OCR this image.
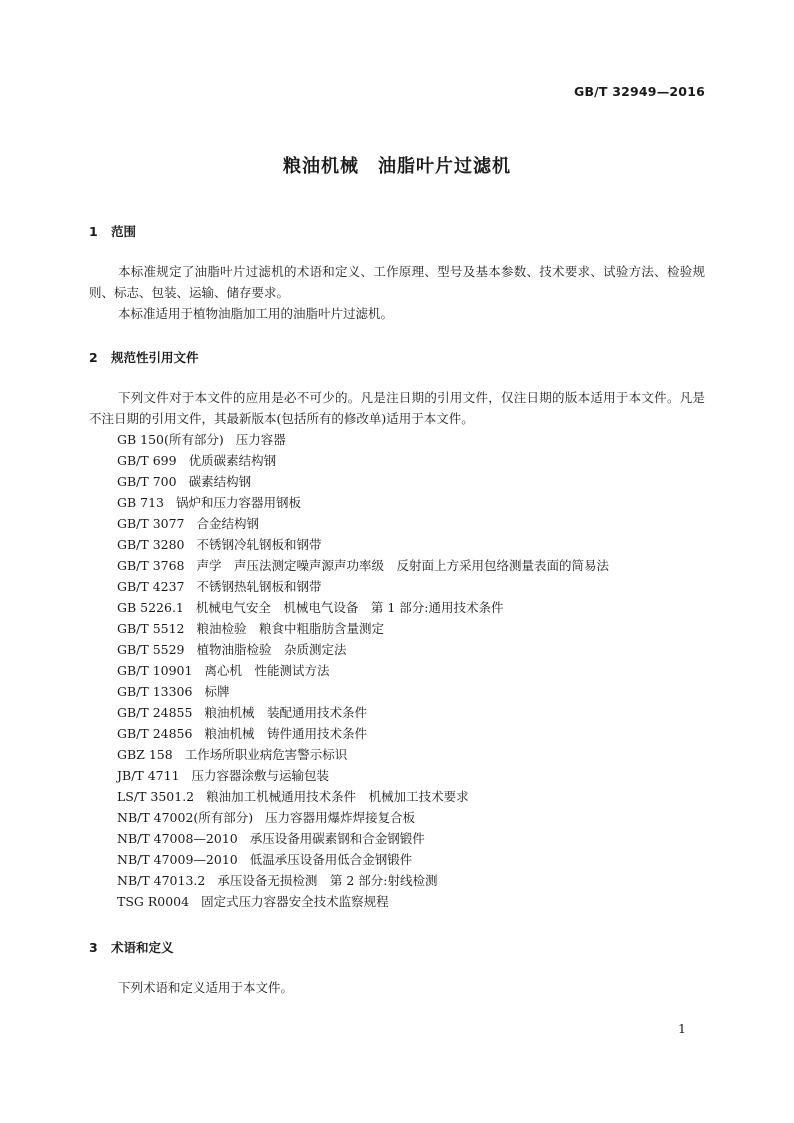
GB/T 32949—2016
粮油机械　油脂叶片过滤机
1 范围

本标准规定了油脂叶片过滤机的术语和定义、工作原理、型号及基本参数、技术要求、试验方法、检验规则、标志、包装、运输、储存要求。

本标准适用于植物油脂加工用的油脂叶片过滤机。

2 规范性引用文件

下列文件对于本文件的应用是必不可少的。凡是注日期的引用文件，仅注日期的版本适用于本文件。凡是不注日期的引用文件，其最新版本(包括所有的修改单)适用于本文件。

GB 150(所有部分) 压力容器
GB/T 699 优质碳素结构钢
GB/T 700 碳素结构钢
GB 713 锅炉和压力容器用钢板
GB/T 3077 合金结构钢
GB/T 3280 不锈钢冷轧钢板和钢带
GB/T 3768 声学　声压法测定噪声源声功率级　反射面上方采用包络测量表面的简易法
GB/T 4237 不锈钢热轧钢板和钢带
GB 5226.1 机械电气安全　机械电气设备　第 1 部分:通用技术条件
GB/T 5512 粮油检验　粮食中粗脂肪含量测定
GB/T 5529 植物油脂检验　杂质测定法
GB/T 10901 离心机　性能测试方法
GB/T 13306 标牌
GB/T 24855 粮油机械　装配通用技术条件
GB/T 24856 粮油机械　铸件通用技术条件
GBZ 158 工作场所职业病危害警示标识
JB/T 4711 压力容器涂敷与运输包装
LS/T 3501.2 粮油加工机械通用技术条件　机械加工技术要求
NB/T 47002(所有部分) 压力容器用爆炸焊接复合板
NB/T 47008—2010 承压设备用碳素钢和合金钢锻件
NB/T 47009—2010 低温承压设备用低合金钢锻件
NB/T 47013.2 承压设备无损检测　第 2 部分:射线检测
TSG R0004 固定式压力容器安全技术监察规程
3 术语和定义

下列术语和定义适用于本文件。

1
